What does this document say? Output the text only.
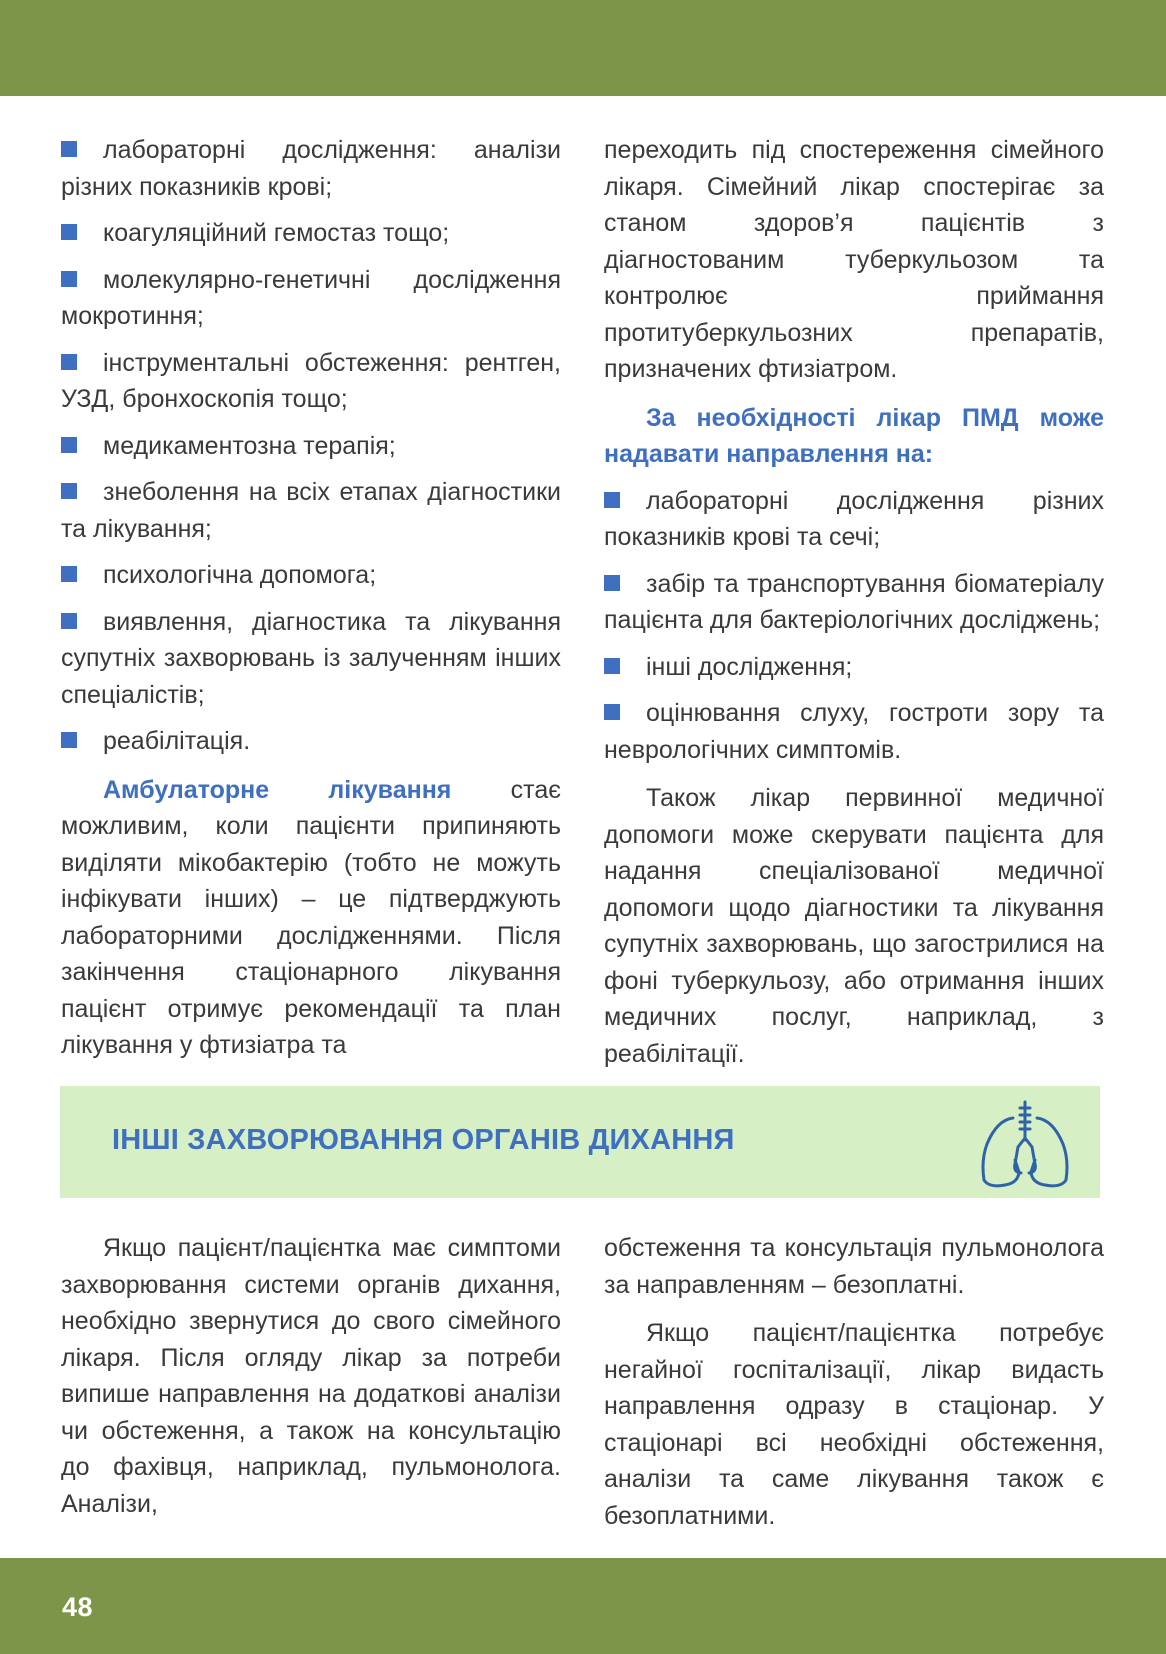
лабораторні дослідження: аналізи різних показників крові;

коагуляційний гемостаз тощо;

молекулярно-генетичні дослідження мокротиння;

інструментальні обстеження: рентген, УЗД, бронхоскопія тощо;

медикаментозна терапія;

знеболення на всіх етапах діагностики та лікування;

психологічна допомога;

виявлення, діагностика та лікування супутніх захворювань із залученням інших спеціалістів;

реабілітація.

Амбулаторне лікування стає можливим, коли пацієнти припиняють виділяти мікобактерію (тобто не можуть інфікувати інших) – це підтверджують лабораторними дослідженнями. Після закінчення стаціонарного лікування пацієнт отримує рекомендації та план лікування у фтизіатра та

переходить під спостереження сімейного лікаря. Сімейний лікар спостерігає за станом здоров’я пацієнтів з діагностованим туберкульозом та контролює приймання протитуберкульозних препаратів, призначених фтизіатром.

За необхідності лікар ПМД може надавати направлення на:

лабораторні дослідження різних показників крові та сечі;

забір та транспортування біоматеріалу пацієнта для бактеріологічних досліджень;

інші дослідження;

оцінювання слуху, гостроти зору та неврологічних симптомів.

Також лікар первинної медичної допомоги може скерувати пацієнта для надання спеціалізованої медичної допомоги щодо діагностики та лікування супутніх захворювань, що загострилися на фоні туберкульозу, або отримання інших медичних послуг, наприклад, з реабілітації.

ІНШІ ЗАХВОРЮВАННЯ ОРГАНІВ ДИХАННЯ

Якщо пацієнт/пацієнтка має симптоми захворювання системи органів дихання, необхідно звернутися до свого сімейного лікаря. Після огляду лікар за потреби випише направлення на додаткові аналізи чи обстеження, а також на консультацію до фахівця, наприклад, пульмонолога. Аналізи,

обстеження та консультація пульмонолога за направленням – безоплатні.

Якщо пацієнт/пацієнтка потребує негайної госпіталізації, лікар видасть направлення одразу в стаціонар. У стаціонарі всі необхідні обстеження, аналізи та саме лікування також є безоплатними.

48
